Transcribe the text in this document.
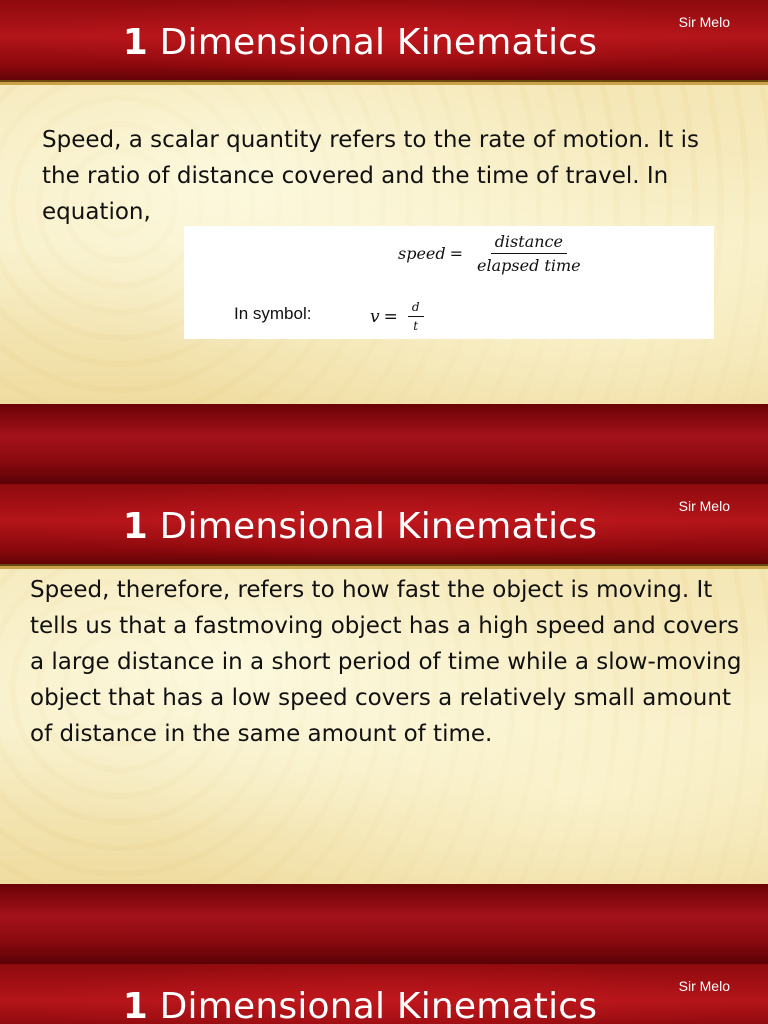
1 Dimensional Kinematics	Sir Melo
Speed, a scalar quantity refers to the rate of motion. It is the ratio of distance covered and the time of travel. In equation,
speed = $\frac{\text{distance}}{\text{elapsed time}}$
In symbol:	$v = \frac{d}{t}$
1 Dimensional Kinematics	Sir Melo
Speed, therefore, refers to how fast the object is moving. It tells us that a fastmoving object has a high speed and covers a large distance in a short period of time while a slow-moving object that has a low speed covers a relatively small amount of distance in the same amount of time.
1 Dimensional Kinematics	Sir Melo
